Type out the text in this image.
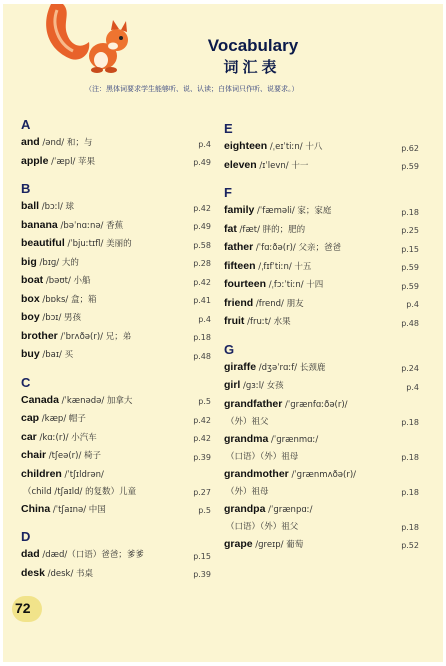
Vocabulary
词汇表
（注：黑体词要求学生能够听、说、认读；白体词只作听、说要求。）
A
and /ənd/ 和；与	p.4
apple /ˈæpl/ 苹果	p.49
B
ball /bɔːl/ 球	p.42
banana /bəˈnɑːnə/ 香蕉	p.49
beautiful /ˈbjuːtɪfl/ 美丽的	p.58
big /bɪɡ/ 大的	p.28
boat /bəʊt/ 小船	p.42
box /bɒks/ 盒；箱	p.41
boy /bɔɪ/ 男孩	p.4
brother /ˈbrʌðə(r)/ 兄；弟	p.18
buy /baɪ/ 买	p.48
C
Canada /ˈkænədə/ 加拿大	p.5
cap /kæp/ 帽子	p.42
car /kɑː(r)/ 小汽车	p.42
chair /tʃeə(r)/ 椅子	p.39
children /ˈtʃɪldrən/
（child /tʃaɪld/ 的复数）儿童	p.27
China /ˈtʃaɪnə/ 中国	p.5
D
dad /dæd/（口语）爸爸；爹爹	p.15
desk /desk/ 书桌	p.39
E
eighteen /ˌeɪˈtiːn/ 十八	p.62
eleven /ɪˈlevn/ 十一	p.59
F
family /ˈfæməli/ 家；家庭	p.18
fat /fæt/ 胖的；肥的	p.25
father /ˈfɑːðə(r)/ 父亲；爸爸	p.15
fifteen /ˌfɪfˈtiːn/ 十五	p.59
fourteen /ˌfɔːˈtiːn/ 十四	p.59
friend /frend/ 朋友	p.4
fruit /fruːt/ 水果	p.48
G
giraffe /dʒəˈrɑːf/ 长颈鹿	p.24
girl /ɡɜːl/ 女孩	p.4
grandfather /ˈɡrænfɑːðə(r)/
（外）祖父	p.18
grandma /ˈɡrænmɑː/
（口语）（外）祖母	p.18
grandmother /ˈɡrænmʌðə(r)/
（外）祖母	p.18
grandpa /ˈɡrænpɑː/
（口语）（外）祖父	p.18
grape /ɡreɪp/ 葡萄	p.52
72
